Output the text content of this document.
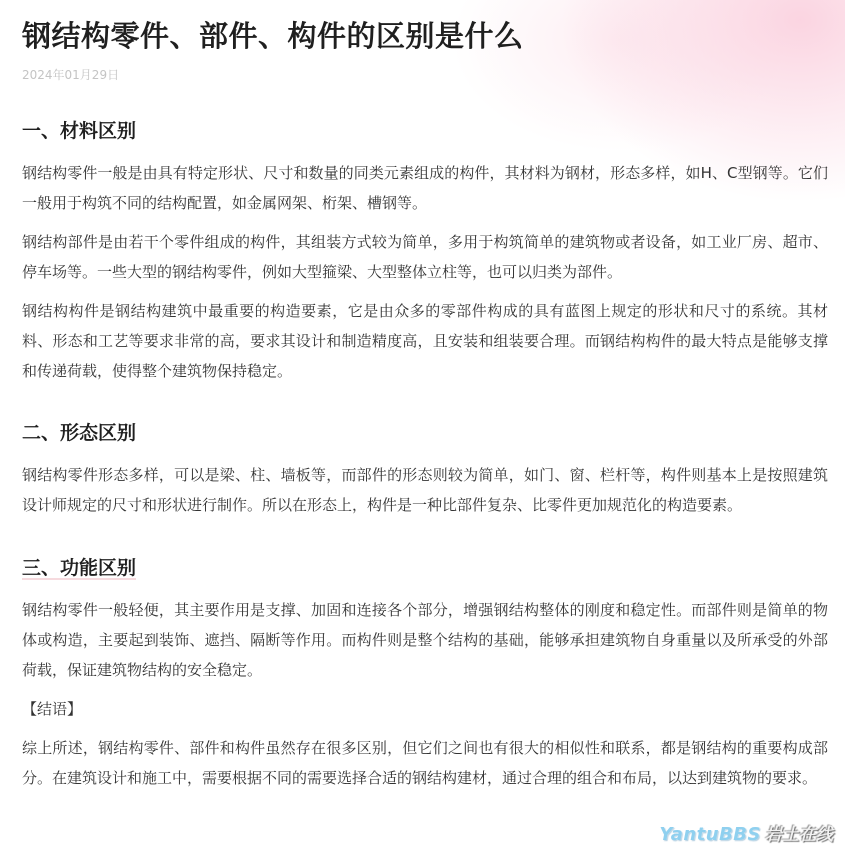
钢结构零件、部件、构件的区别是什么
2024年01月29日
一、材料区别

钢结构零件一般是由具有特定形状、尺寸和数量的同类元素组成的构件，其材料为钢材，形态多样，如H、C型钢等。它们一般用于构筑不同的结构配置，如金属网架、桁架、槽钢等。

钢结构部件是由若干个零件组成的构件，其组装方式较为简单，多用于构筑简单的建筑物或者设备，如工业厂房、超市、停车场等。一些大型的钢结构零件，例如大型箍梁、大型整体立柱等，也可以归类为部件。

钢结构构件是钢结构建筑中最重要的构造要素，它是由众多的零部件构成的具有蓝图上规定的形状和尺寸的系统。其材料、形态和工艺等要求非常的高，要求其设计和制造精度高，且安装和组装要合理。而钢结构构件的最大特点是能够支撑和传递荷载，使得整个建筑物保持稳定。

二、形态区别

钢结构零件形态多样，可以是梁、柱、墙板等，而部件的形态则较为简单，如门、窗、栏杆等，构件则基本上是按照建筑设计师规定的尺寸和形状进行制作。所以在形态上，构件是一种比部件复杂、比零件更加规范化的构造要素。

三、功能区别

钢结构零件一般轻便，其主要作用是支撑、加固和连接各个部分，增强钢结构整体的刚度和稳定性。而部件则是简单的物体或构造，主要起到装饰、遮挡、隔断等作用。而构件则是整个结构的基础，能够承担建筑物自身重量以及所承受的外部荷载，保证建筑物结构的安全稳定。

【结语】

综上所述，钢结构零件、部件和构件虽然存在很多区别，但它们之间也有很大的相似性和联系，都是钢结构的重要构成部分。在建筑设计和施工中，需要根据不同的需要选择合适的钢结构建材，通过合理的组合和布局，以达到建筑物的要求。

YantuBBS 岩土在线
